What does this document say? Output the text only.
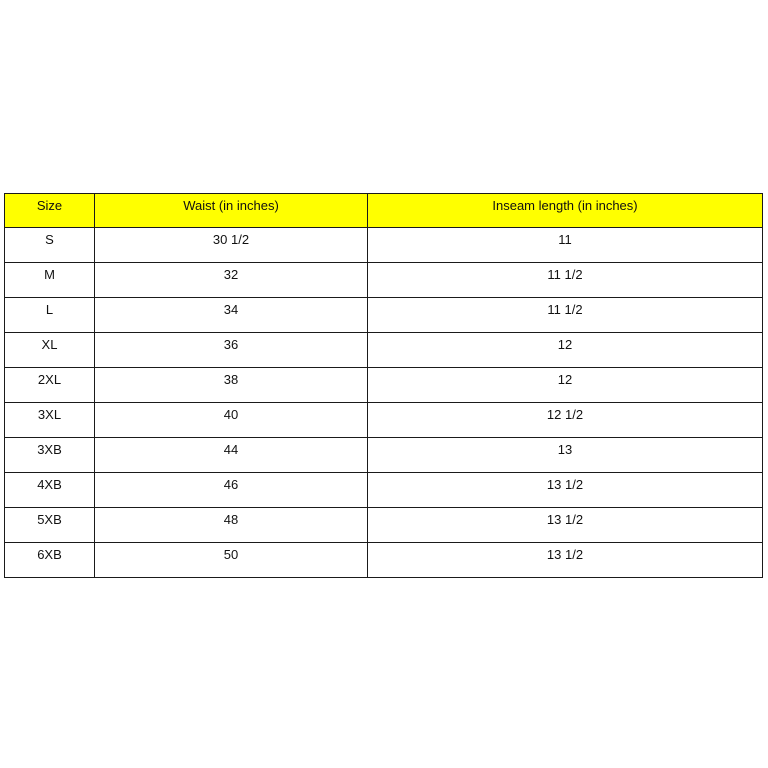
Size	Waist (in inches)	Inseam length (in inches)
S	30 1/2	11
M	32	11 1/2
L	34	11 1/2
XL	36	12
2XL	38	12
3XL	40	12 1/2
3XB	44	13
4XB	46	13 1/2
5XB	48	13 1/2
6XB	50	13 1/2
